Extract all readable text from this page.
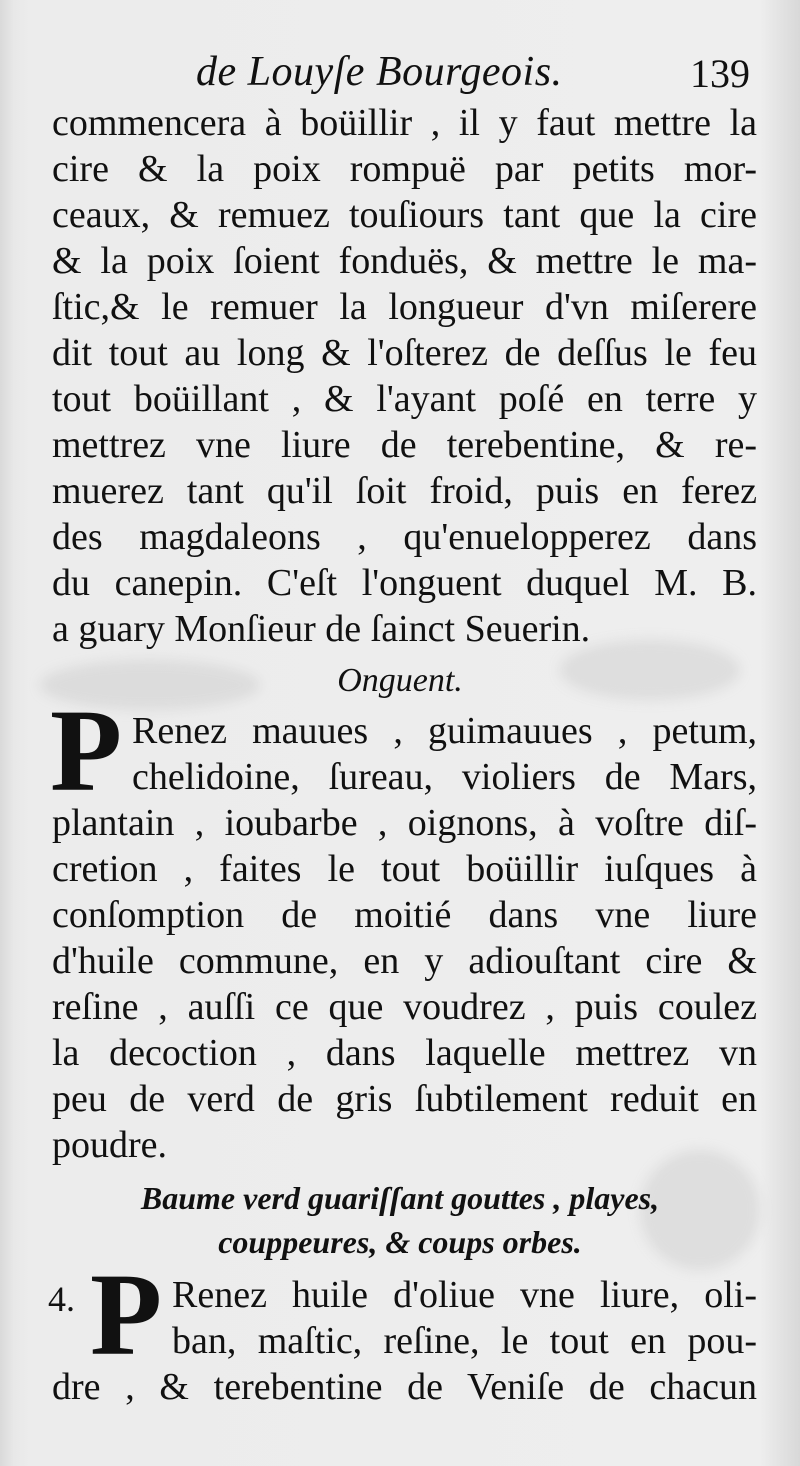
de Louyſe Bourgeois.	139
commencera à boüillir , il y faut mettre la
cire & la poix rompuë par petits mor-
ceaux, & remuez touſiours tant que la cire
& la poix ſoient fonduës, & mettre le ma-
ſtic,& le remuer la longueur d'vn miſerere
dit tout au long & l'oſterez de deſſus le feu
tout boüillant , & l'ayant poſé en terre y
mettrez vne liure de terebentine, & re-
muerez tant qu'il ſoit froid, puis en ferez
des magdaleons , qu'enuelopperez dans
du canepin. C'eſt l'onguent duquel M. B.
a guary Monſieur de ſainct Seuerin.
Onguent.
P Renez mauues , guimauues , petum,
chelidoine, ſureau, violiers de Mars,
plantain , ioubarbe , oignons, à voſtre diſ-
cretion , faites le tout boüillir iuſques à
conſomption de moitié dans vne liure
d'huile commune, en y adiouſtant cire &
reſine , auſſi ce que voudrez , puis coulez
la decoction , dans laquelle mettrez vn
peu de verd de gris ſubtilement reduit en
poudre.
Baume verd guariſſant gouttes , playes,
couppeures, & coups orbes.
4. P Renez huile d'oliue vne liure, oli-
ban, maſtic, reſine, le tout en pou-
dre , & terebentine de Veniſe de chacun
